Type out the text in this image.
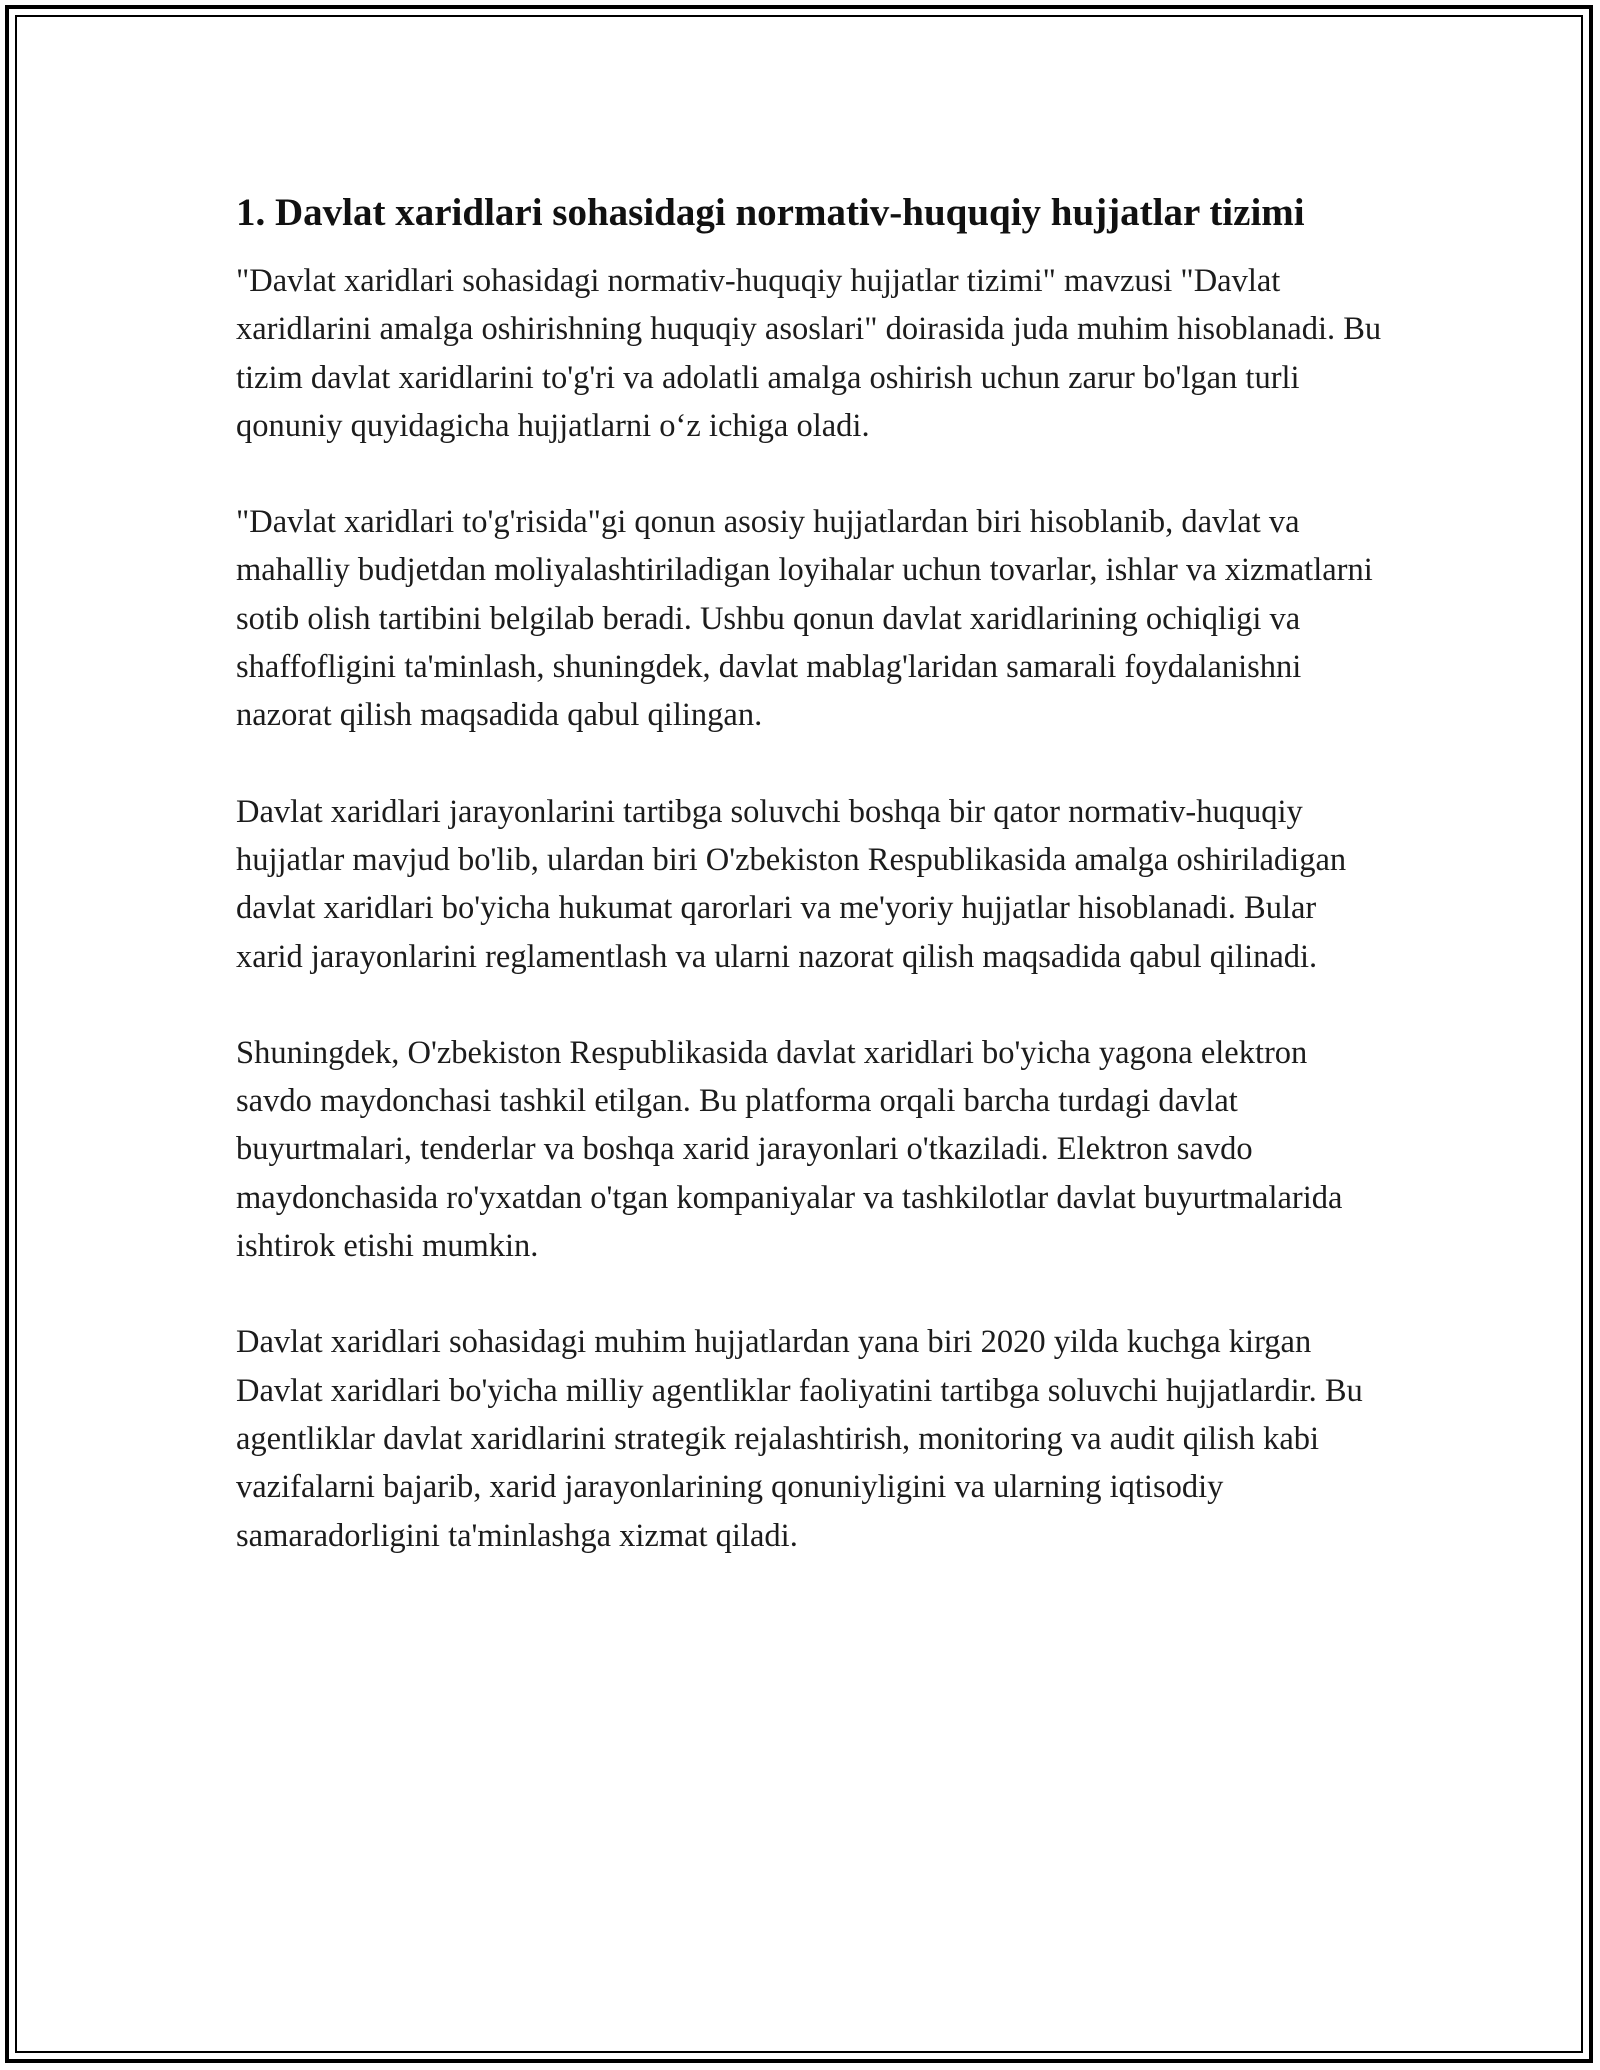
1. Davlat xaridlari sohasidagi normativ-huquqiy hujjatlar tizimi

"Davlat xaridlari sohasidagi normativ-huquqiy hujjatlar tizimi" mavzusi "Davlat xaridlarini amalga oshirishning huquqiy asoslari" doirasida juda muhim hisoblanadi. Bu tizim davlat xaridlarini to'g'ri va adolatli amalga oshirish uchun zarur bo'lgan turli qonuniy quyidagicha hujjatlarni o‘z ichiga oladi.

"Davlat xaridlari to'g'risida"gi qonun asosiy hujjatlardan biri hisoblanib, davlat va mahalliy budjetdan moliyalashtiriladigan loyihalar uchun tovarlar, ishlar va xizmatlarni sotib olish tartibini belgilab beradi. Ushbu qonun davlat xaridlarining ochiqligi va shaffofligini ta'minlash, shuningdek, davlat mablag'laridan samarali foydalanishni nazorat qilish maqsadida qabul qilingan.

Davlat xaridlari jarayonlarini tartibga soluvchi boshqa bir qator normativ-huquqiy hujjatlar mavjud bo'lib, ulardan biri O'zbekiston Respublikasida amalga oshiriladigan davlat xaridlari bo'yicha hukumat qarorlari va me'yoriy hujjatlar hisoblanadi. Bular xarid jarayonlarini reglamentlash va ularni nazorat qilish maqsadida qabul qilinadi.

Shuningdek, O'zbekiston Respublikasida davlat xaridlari bo'yicha yagona elektron savdo maydonchasi tashkil etilgan. Bu platforma orqali barcha turdagi davlat buyurtmalari, tenderlar va boshqa xarid jarayonlari o'tkaziladi. Elektron savdo maydonchasida ro'yxatdan o'tgan kompaniyalar va tashkilotlar davlat buyurtmalarida ishtirok etishi mumkin.

Davlat xaridlari sohasidagi muhim hujjatlardan yana biri 2020 yilda kuchga kirgan Davlat xaridlari bo'yicha milliy agentliklar faoliyatini tartibga soluvchi hujjatlardir. Bu agentliklar davlat xaridlarini strategik rejalashtirish, monitoring va audit qilish kabi vazifalarni bajarib, xarid jarayonlarining qonuniyligini va ularning iqtisodiy samaradorligini ta'minlashga xizmat qiladi.
